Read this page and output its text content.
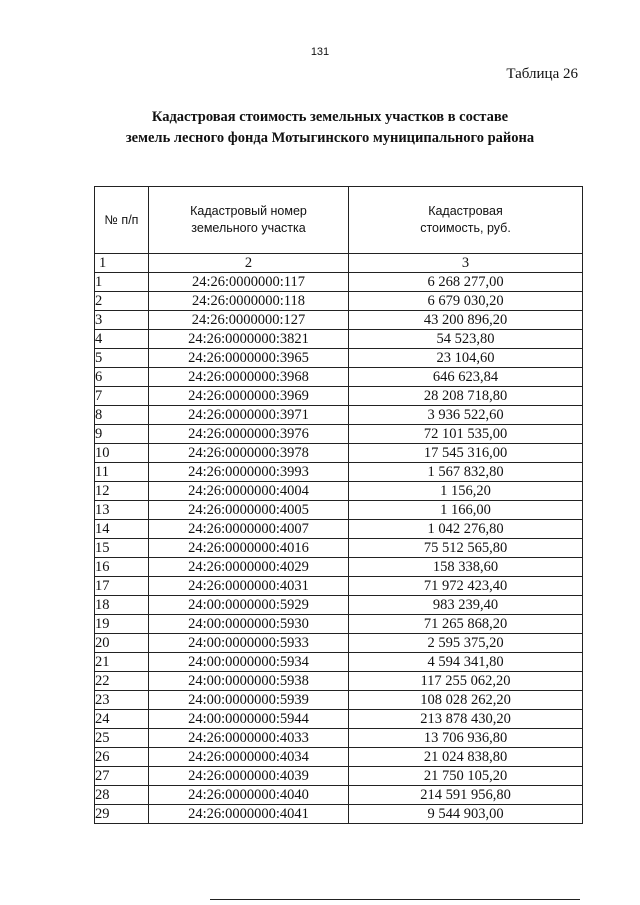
131
Таблица 26
Кадастровая стоимость земельных участков в составе
земель лесного фонда Мотыгинского муниципального района
№ п/п	Кадастровый номер земельного участка	Кадастровая стоимость, руб.
1	2	3
1	24:26:0000000:117	6 268 277,00
2	24:26:0000000:118	6 679 030,20
3	24:26:0000000:127	43 200 896,20
4	24:26:0000000:3821	54 523,80
5	24:26:0000000:3965	23 104,60
6	24:26:0000000:3968	646 623,84
7	24:26:0000000:3969	28 208 718,80
8	24:26:0000000:3971	3 936 522,60
9	24:26:0000000:3976	72 101 535,00
10	24:26:0000000:3978	17 545 316,00
11	24:26:0000000:3993	1 567 832,80
12	24:26:0000000:4004	1 156,20
13	24:26:0000000:4005	1 166,00
14	24:26:0000000:4007	1 042 276,80
15	24:26:0000000:4016	75 512 565,80
16	24:26:0000000:4029	158 338,60
17	24:26:0000000:4031	71 972 423,40
18	24:00:0000000:5929	983 239,40
19	24:00:0000000:5930	71 265 868,20
20	24:00:0000000:5933	2 595 375,20
21	24:00:0000000:5934	4 594 341,80
22	24:00:0000000:5938	117 255 062,20
23	24:00:0000000:5939	108 028 262,20
24	24:00:0000000:5944	213 878 430,20
25	24:26:0000000:4033	13 706 936,80
26	24:26:0000000:4034	21 024 838,80
27	24:26:0000000:4039	21 750 105,20
28	24:26:0000000:4040	214 591 956,80
29	24:26:0000000:4041	9 544 903,00
